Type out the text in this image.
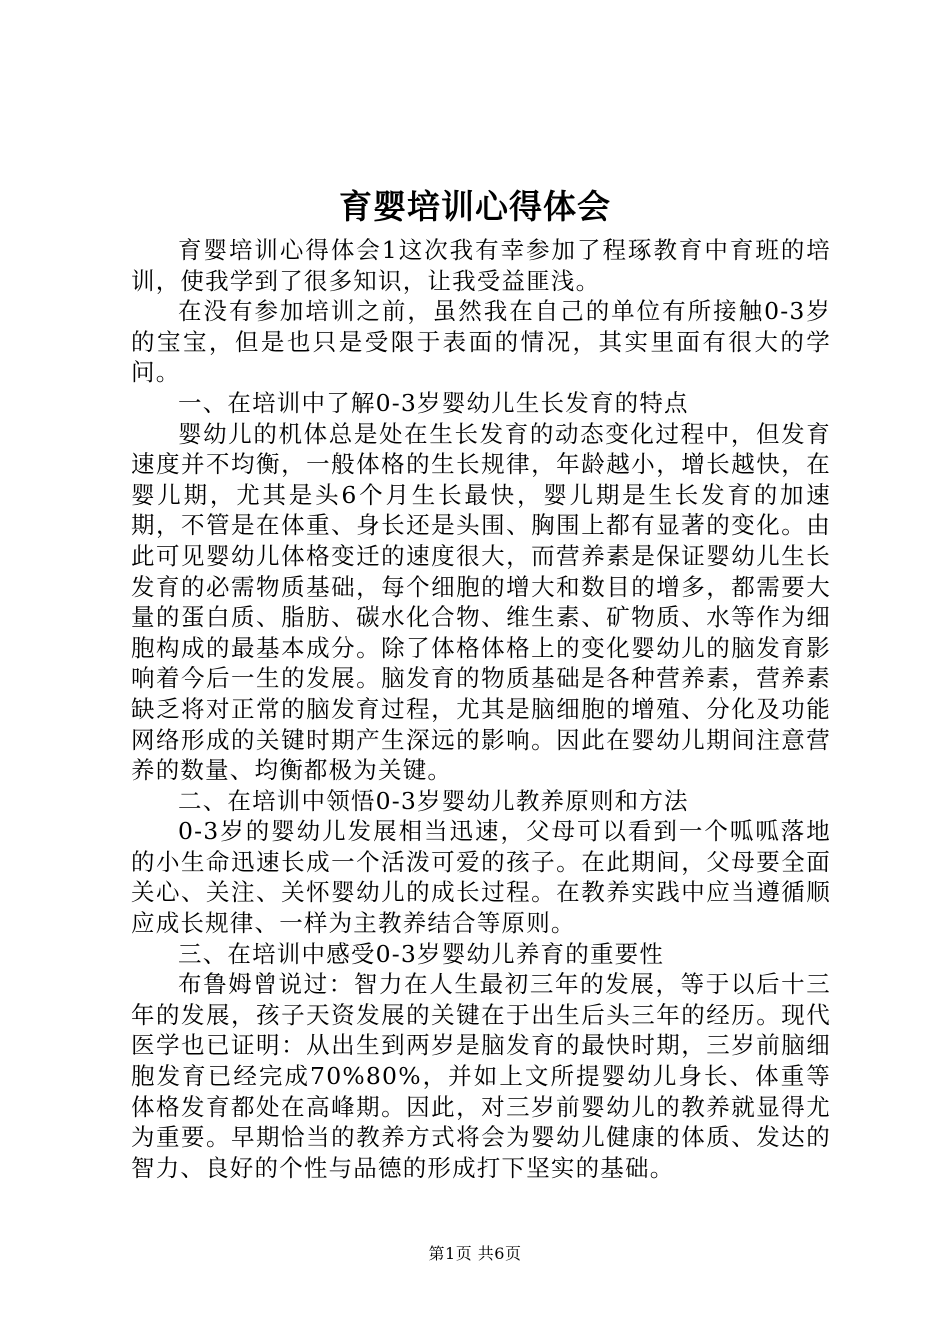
育婴培训心得体会

育婴培训心得体会1这次我有幸参加了程琢教育中育班的培训，使我学到了很多知识，让我受益匪浅。

在没有参加培训之前，虽然我在自己的单位有所接触0-3岁的宝宝，但是也只是受限于表面的情况，其实里面有很大的学问。

一、在培训中了解0-3岁婴幼儿生长发育的特点

婴幼儿的机体总是处在生长发育的动态变化过程中，但发育速度并不均衡，一般体格的生长规律，年龄越小，增长越快，在婴儿期，尤其是头6个月生长最快，婴儿期是生长发育的加速期，不管是在体重、身长还是头围、胸围上都有显著的变化。由此可见婴幼儿体格变迁的速度很大，而营养素是保证婴幼儿生长发育的必需物质基础，每个细胞的增大和数目的增多，都需要大量的蛋白质、脂肪、碳水化合物、维生素、矿物质、水等作为细胞构成的最基本成分。除了体格体格上的变化婴幼儿的脑发育影响着今后一生的发展。脑发育的物质基础是各种营养素，营养素缺乏将对正常的脑发育过程，尤其是脑细胞的增殖、分化及功能网络形成的关键时期产生深远的影响。因此在婴幼儿期间注意营养的数量、均衡都极为关键。

二、在培训中领悟0-3岁婴幼儿教养原则和方法

0-3岁的婴幼儿发展相当迅速，父母可以看到一个呱呱落地的小生命迅速长成一个活泼可爱的孩子。在此期间，父母要全面关心、关注、关怀婴幼儿的成长过程。在教养实践中应当遵循顺应成长规律、一样为主教养结合等原则。

三、在培训中感受0-3岁婴幼儿养育的重要性

布鲁姆曾说过：智力在人生最初三年的发展，等于以后十三年的发展，孩子天资发展的关键在于出生后头三年的经历。现代医学也已证明：从出生到两岁是脑发育的最快时期，三岁前脑细胞发育已经完成70%80%，并如上文所提婴幼儿身长、体重等体格发育都处在高峰期。因此，对三岁前婴幼儿的教养就显得尤为重要。早期恰当的教养方式将会为婴幼儿健康的体质、发达的智力、良好的个性与品德的形成打下坚实的基础。

第1页 共6页
